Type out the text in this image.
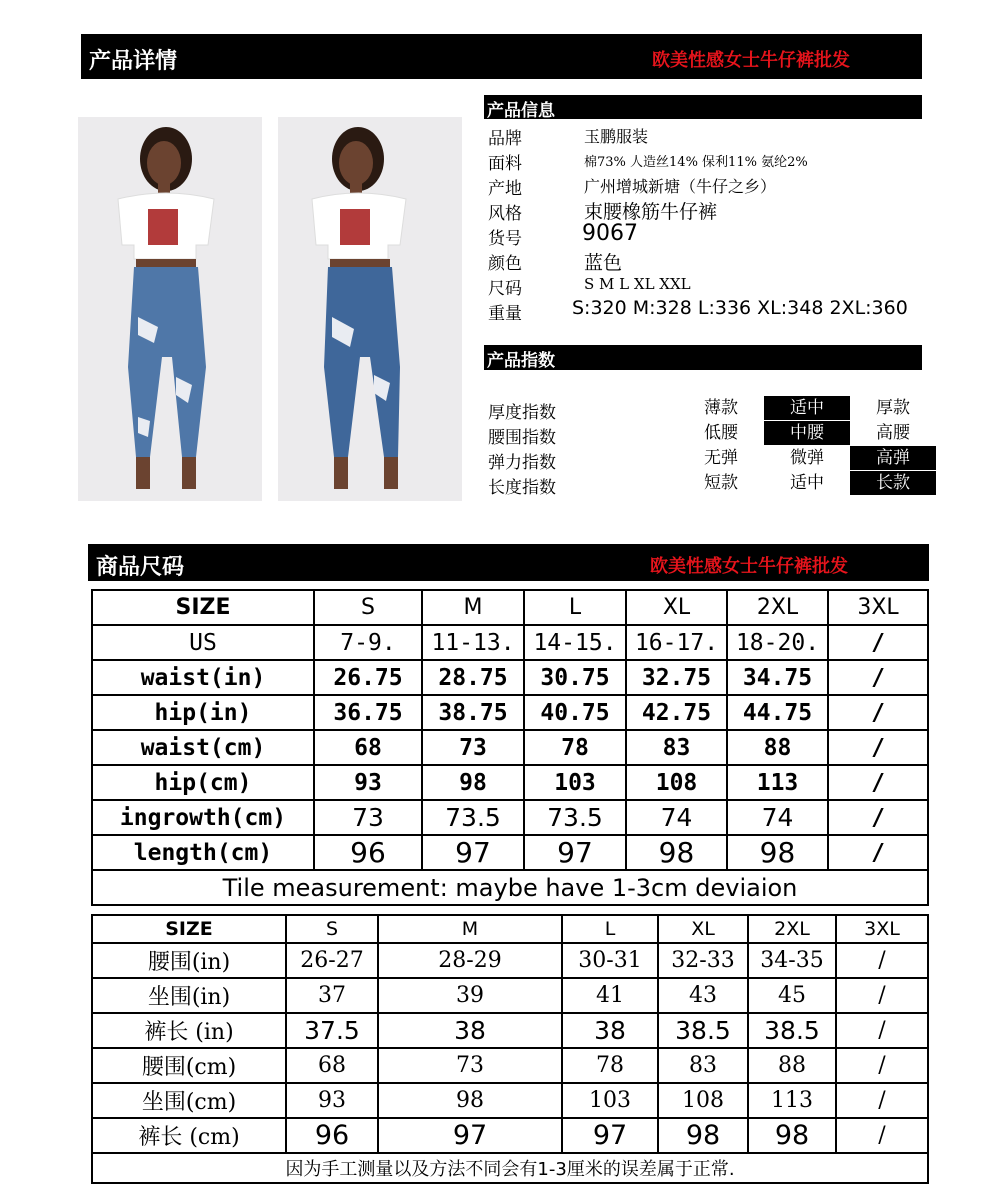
产品详情	欧美性感女士牛仔裤批发
产品信息
品牌	玉鹏服装
面料	棉73% 人造丝14% 保利11% 氨纶2%
产地	广州增城新塘（牛仔之乡）
风格	束腰橡筋牛仔裤
货号	9067
颜色	蓝色
尺码	S M L XL XXL
重量	S:320 M:328 L:336 XL:348 2XL:360
产品指数
厚度指数	薄款	适中	厚款
腰围指数	低腰	中腰	高腰
弹力指数	无弹	微弹	高弹
长度指数	短款	适中	长款
商品尺码	欧美性感女士牛仔裤批发
SIZE	S	M	L	XL	2XL	3XL
US	7-9.	11-13.	14-15.	16-17.	18-20.	/
waist(in)	26.75	28.75	30.75	32.75	34.75	/
hip(in)	36.75	38.75	40.75	42.75	44.75	/
waist(cm)	68	73	78	83	88	/
hip(cm)	93	98	103	108	113	/
ingrowth(cm)	73	73.5	73.5	74	74	/
length(cm)	96	97	97	98	98	/
Tile measurement: maybe have 1-3cm deviaion						
SIZE	S	M	L	XL	2XL	3XL
腰围(in)	26-27	28-29	30-31	32-33	34-35	/
坐围(in)	37	39	41	43	45	/
裤长 (in)	37.5	38	38	38.5	38.5	/
腰围(cm)	68	73	78	83	88	/
坐围(cm)	93	98	103	108	113	/
裤长 (cm)	96	97	97	98	98	/
因为手工测量以及方法不同会有1-3厘米的误差属于正常.						
